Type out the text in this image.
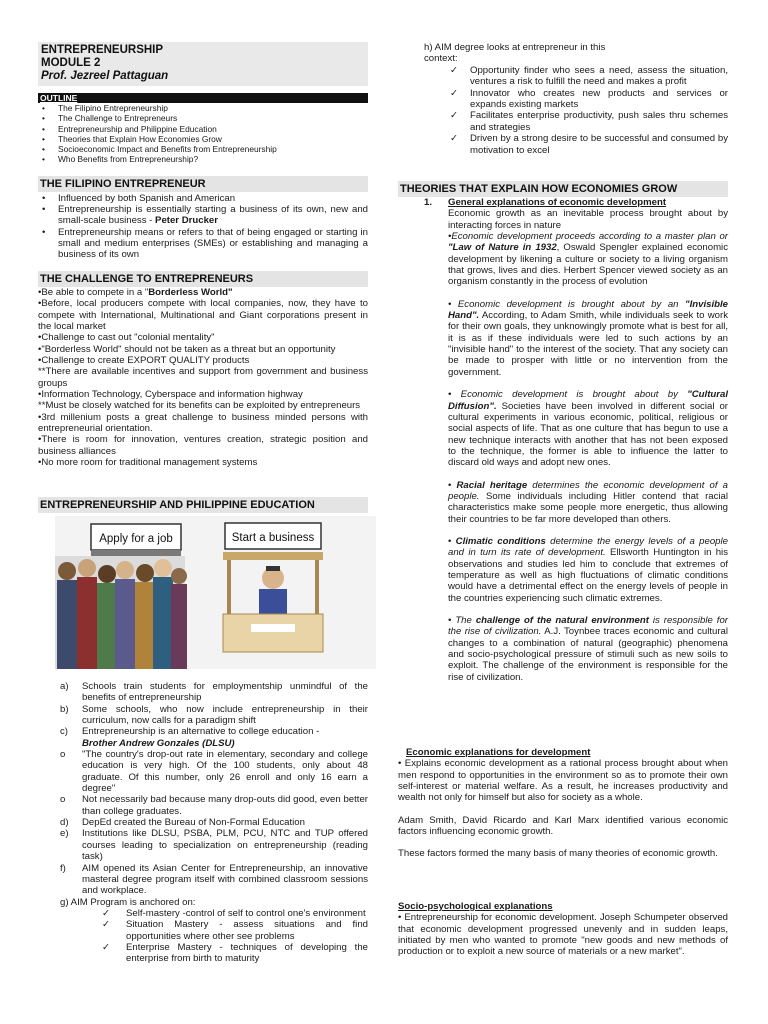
ENTREPRENEURSHIP
MODULE 2
Prof. Jezreel Pattaguan
OUTLINE
• The Filipino Entrepreneurship
• The Challenge to Entrepreneurs
• Entrepreneurship and Philippine Education
• Theories that Explain How Economies Grow
• Socioeconomic Impact and Benefits from Entrepreneurship
• Who Benefits from Entrepreneurship?
THE FILIPINO ENTREPRENEUR
• Influenced by both Spanish and American
• Entrepreneurship is essentially starting a business of its own, new and small-scale business - Peter Drucker
• Entrepreneurship means or refers to that of being engaged or starting in small and medium enterprises (SMEs) or establishing and managing a business of its own
THE CHALLENGE TO ENTREPRENEURS
•Be able to compete in a "Borderless World"
•Before, local producers compete with local companies, now, they have to compete with International, Multinational and Giant corporations present in the local market
•Challenge to cast out "colonial mentality"
•"Borderless World" should not be taken as a threat but an opportunity
•Challenge to create EXPORT QUALITY products
**There are available incentives and support from government and business groups
•Information Technology, Cyberspace and information highway
**Must be closely watched for its benefits can be exploited by entrepreneurs
•3rd millenium posts a great challenge to business minded persons with entrepreneurial orientation.
•There is room for innovation, ventures creation, strategic position and business alliances
•No more room for traditional management systems
ENTREPRENEURSHIP AND PHILIPPINE EDUCATION
Apply for a job	Start a business
a) Schools train students for employmentship unmindful of the benefits of entrepreneurship
b) Some schools, who now include entrepreneurship in their curriculum, now calls for a paradigm shift
c) Entrepreneurship is an alternative to college education -
Brother Andrew Gonzales (DLSU)
o "The country's drop-out rate in elementary, secondary and college education is very high. Of the 100 students, only about 48 graduate. Of this number, only 26 enroll and only 16 earn a degree"
o Not necessarily bad because many drop-outs did good, even better than college graduates.
d) DepEd created the Bureau of Non-Formal Education
e) Institutions like DLSU, PSBA, PLM, PCU, NTC and TUP offered courses leading to specialization on entrepreneurship (reading task)
f) AIM opened its Asian Center for Entrepreneurship, an innovative masteral degree program itself with combined classroom sessions and workplace.
g) AIM Program is anchored on:
✓ Self-mastery -control of self to control one's environment
✓ Situation Mastery - assess situations and find opportunities where other see problems
✓ Enterprise Mastery - techniques of developing the enterprise from birth to maturity
h) AIM degree looks at entrepreneur in this context:
✓ Opportunity finder who sees a need, assess the situation, ventures a risk to fulfill the need and makes a profit
✓ Innovator who creates new products and services or expands existing markets
✓ Facilitates enterprise productivity, push sales thru schemes and strategies
✓ Driven by a strong desire to be successful and consumed by motivation to excel
THEORIES THAT EXPLAIN HOW ECONOMIES GROW
1. General explanations of economic development
Economic growth as an inevitable process brought about by interacting forces in nature
•Economic development proceeds according to a master plan or "Law of Nature in 1932, Oswald Spengler explained economic development by likening a culture or society to a living organism that grows, lives and dies. Herbert Spencer viewed society as an organism constantly in the process of evolution
• Economic development is brought about by an "Invisible Hand". According, to Adam Smith, while individuals seek to work for their own goals, they unknowingly promote what is best for all, it is as if these individuals were led to such actions by an "invisible hand" to the interest of the society. That any society can be made to prosper with little or no intervention from the government.
• Economic development is brought about by "Cultural Diffusion". Societies have been involved in different social or cultural experiments in various economic, political, religious or social aspects of life. That as one culture that has begun to use a new technique interacts with another that has not been exposed to the technique, the former is able to influence the latter to discard old ways and adopt new ones.
• Racial heritage determines the economic development of a people. Some individuals including Hitler contend that racial characteristics make some people more energetic, thus allowing their countries to be far more developed than others.
• Climatic conditions determine the energy levels of a people and in turn its rate of development. Ellsworth Huntington in his observations and studies led him to conclude that extremes of temperature as well as high fluctuations of climatic conditions would have a detrimental effect on the energy levels of people in the countries experiencing such climatic extremes.
• The challenge of the natural environment is responsible for the rise of civilization. A.J. Toynbee traces economic and cultural changes to a combination of natural (geographic) phenomena and socio-psychological pressure of stimuli such as new soils to exploit. The challenge of the environment is responsible for the rise of civilization.
Economic explanations for development
• Explains economic development as a rational process brought about when men respond to opportunities in the environment so as to promote their own self-interest or material welfare. As a result, he increases productivity and wealth not only for himself but also for society as a whole.
Adam Smith, David Ricardo and Karl Marx identified various economic factors influencing economic growth.
These factors formed the many basis of many theories of economic growth.
Socio-psychological explanations
• Entrepreneurship for economic development. Joseph Schumpeter observed that economic development progressed unevenly and in sudden leaps, initiated by men who wanted to promote "new goods and new methods of production or to exploit a new source of materials or a new market".
